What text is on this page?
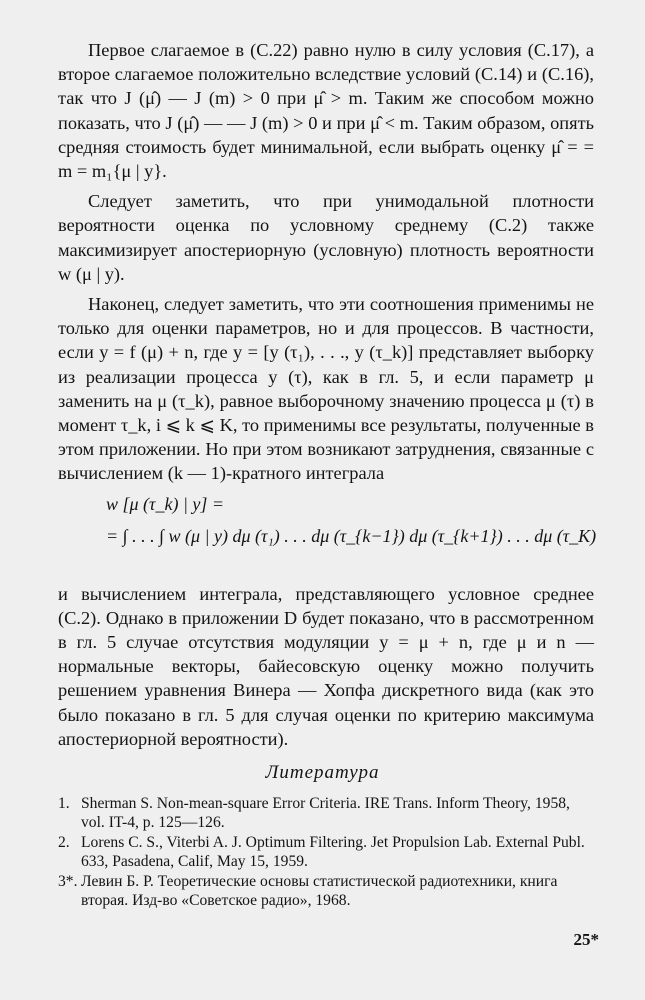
Первое слагаемое в (С.22) равно нулю в силу условия (С.17), а второе слагаемое положительно вследствие условий (С.14) и (С.16), так что J (μ̂) — J (m) > 0 при μ̂ > m. Таким же способом можно показать, что J (μ̂) — — J (m) > 0 и при μ̂ < m. Таким образом, опять средняя стоимость будет минимальной, если выбрать оценку μ̂ = = m = m₁{μ | y}.

Следует заметить, что при унимодальной плотности вероятности оценка по условному среднему (С.2) также максимизирует апостериорную (условную) плотность вероятности w (μ | y).

Наконец, следует заметить, что эти соотношения применимы не только для оценки параметров, но и для процессов. В частности, если y = f (μ) + n, где y = [y (τ₁), . . ., y (τ_k)] представляет выборку из реализации процесса y (τ), как в гл. 5, и если параметр μ заменить на μ (τ_k), равное выборочному значению процесса μ (τ) в момент τ_k, i ⩽ k ⩽ K, то применимы все результаты, полученные в этом приложении. Но при этом возникают затруднения, связанные с вычислением (k — 1)-кратного интеграла

w [μ (τ_k) | y] =
= ∫ . . . ∫ w (μ | y) dμ (τ₁) . . . dμ (τ_{k−1}) dμ (τ_{k+1}) . . . dμ (τ_K)

и вычислением интеграла, представляющего условное среднее (С.2). Однако в приложении D будет показано, что в рассмотренном в гл. 5 случае отсутствия модуляции y = μ + n, где μ и n — нормальные векторы, байесовскую оценку можно получить решением уравнения Винера — Хопфа дискретного вида (как это было показано в гл. 5 для случая оценки по критерию максимума апостериорной вероятности).

Литература
1. Sherman S. Non-mean-square Error Criteria. IRE Trans. Inform Theory, 1958, vol. IT-4, p. 125—126.
2. Lorens C. S., Viterbi A. J. Optimum Filtering. Jet Propulsion Lab. External Publ. 633, Pasadena, Calif, May 15, 1959.
3*. Левин Б. Р. Теоретические основы статистической радиотехники, книга вторая. Изд-во «Советское радио», 1968.
25*
